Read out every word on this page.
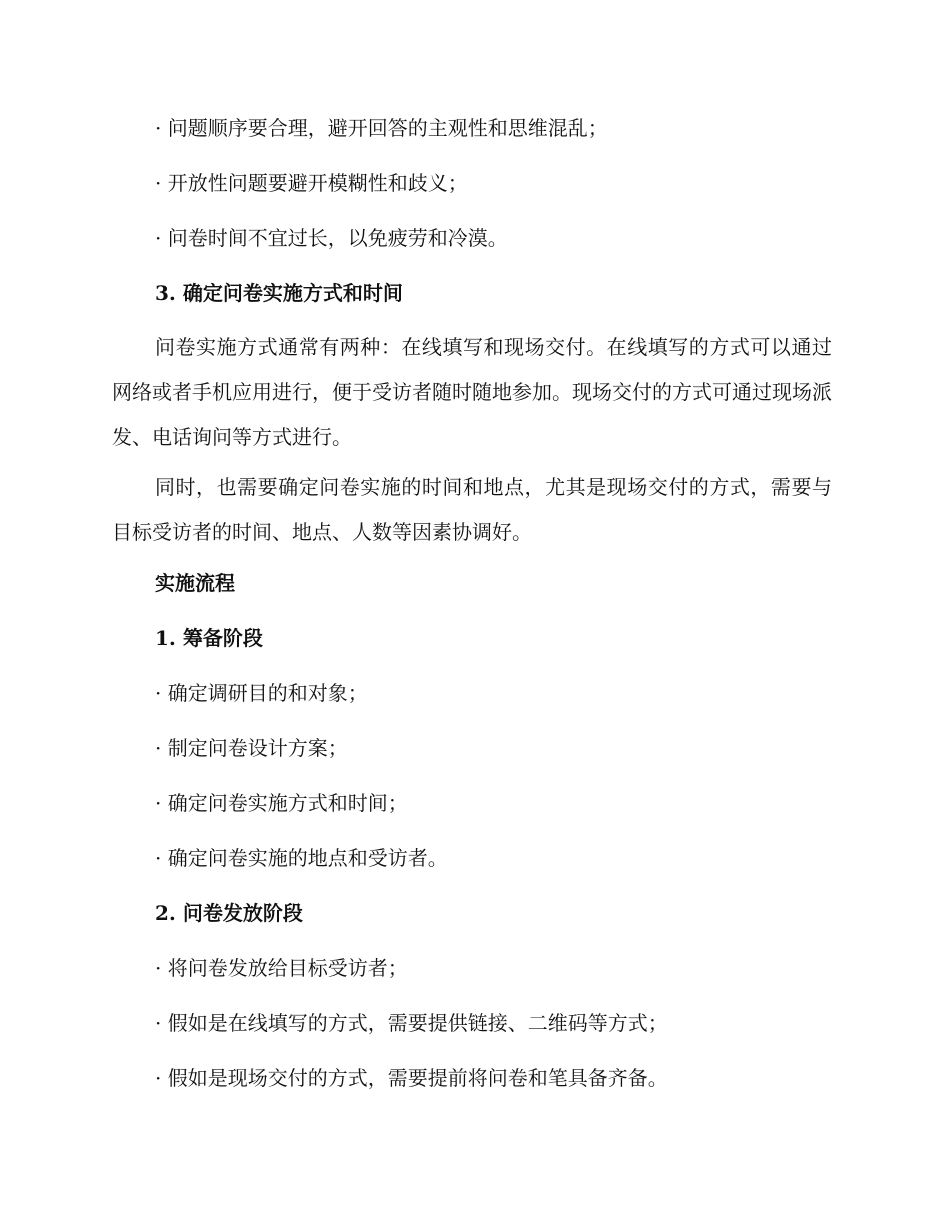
· 问题顺序要合理，避开回答的主观性和思维混乱；
· 开放性问题要避开模糊性和歧义；
· 问卷时间不宜过长，以免疲劳和冷漠。
3. 确定问卷实施方式和时间

问卷实施方式通常有两种：在线填写和现场交付。在线填写的方式可以通过网络或者手机应用进行，便于受访者随时随地参加。现场交付的方式可通过现场派发、电话询问等方式进行。

同时，也需要确定问卷实施的时间和地点，尤其是现场交付的方式，需要与目标受访者的时间、地点、人数等因素协调好。

实施流程
1. 筹备阶段
· 确定调研目的和对象；
· 制定问卷设计方案；
· 确定问卷实施方式和时间；
· 确定问卷实施的地点和受访者。
2. 问卷发放阶段
· 将问卷发放给目标受访者；
· 假如是在线填写的方式，需要提供链接、二维码等方式；
· 假如是现场交付的方式，需要提前将问卷和笔具备齐备。
